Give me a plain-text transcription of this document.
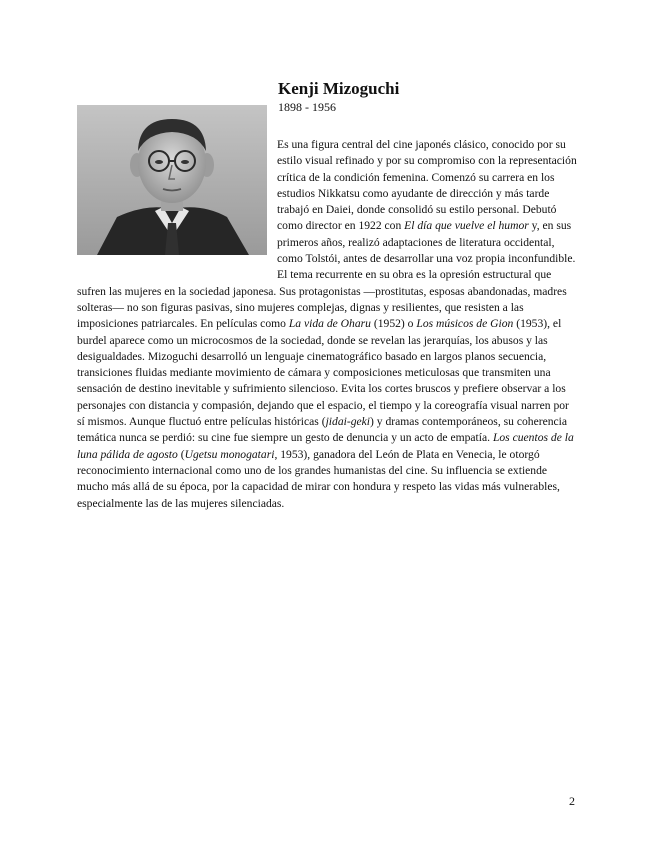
Kenji Mizoguchi
1898 - 1956

Es una figura central del cine japonés clásico, conocido por su estilo visual refinado y por su compromiso con la representación crítica de la condición femenina. Comenzó su carrera en los estudios Nikkatsu como ayudante de dirección y más tarde trabajó en Daiei, donde consolidó su estilo personal. Debutó como director en 1922 con El día que vuelve el humor y, en sus primeros años, realizó adaptaciones de literatura occidental, como Tolstói, antes de desarrollar una voz propia inconfundible. El tema recurrente en su obra es la opresión estructural que sufren las mujeres en la sociedad japonesa. Sus protagonistas —prostitutas, esposas abandonadas, madres solteras— no son figuras pasivas, sino mujeres complejas, dignas y resilientes, que resisten a las imposiciones patriarcales. En películas como La vida de Oharu (1952) o Los músicos de Gion (1953), el burdel aparece como un microcosmos de la sociedad, donde se revelan las jerarquías, los abusos y las desigualdades. Mizoguchi desarrolló un lenguaje cinematográfico basado en largos planos secuencia, transiciones fluidas mediante movimiento de cámara y composiciones meticulosas que transmiten una sensación de destino inevitable y sufrimiento silencioso. Evita los cortes bruscos y prefiere observar a los personajes con distancia y compasión, dejando que el espacio, el tiempo y la coreografía visual narren por sí mismos. Aunque fluctuó entre películas históricas (jidai-geki) y dramas contemporáneos, su coherencia temática nunca se perdió: su cine fue siempre un gesto de denuncia y un acto de empatía. Los cuentos de la luna pálida de agosto (Ugetsu monogatari, 1953), ganadora del León de Plata en Venecia, le otorgó reconocimiento internacional como uno de los grandes humanistas del cine. Su influencia se extiende mucho más allá de su época, por la capacidad de mirar con hondura y respeto las vidas más vulnerables, especialmente las de las mujeres silenciadas.

2
